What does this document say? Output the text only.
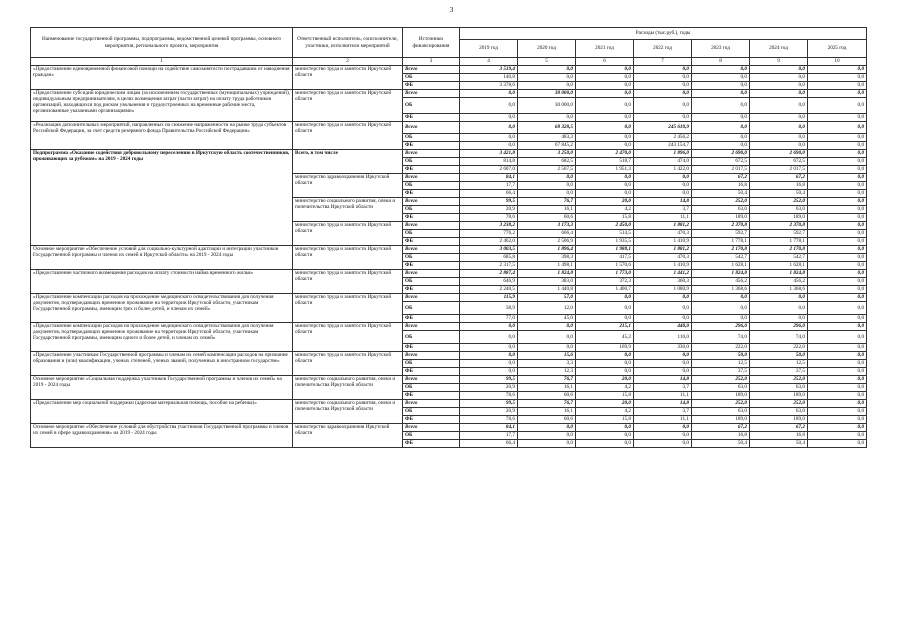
3
Наименование государственной программы, подпрограммы, ведомственной целевой программы, основного мероприятия, регионального проекта, мероприятия	Ответственный исполнитель, соисполнители, участники, исполнители мероприятий	Источники финансирования	Расходы (тыс.руб.), годы						
			2019 год	2020 год	2021 год	2022 год	2023 год	2024 год	2025 год
1	2	3	4	5	6	7	8	9	10
«Предоставление единовременной финансовой помощи на содействие самозанятости пострадавшим от наводнения граждан»	министерство труда и занятости Иркутской области	Всего	3 519,4	0,0	0,0	0,0	0,0	0,0	0,0
		ОБ	140,8	0,0	0,0	0,0	0,0	0,0	0,0
		ФБ	3 378,6	0,0	0,0	0,0	0,0	0,0	0,0
«Предоставление субсидий юридическим лицам (за исключением государственных (муниципальных) учреждений), индивидуальным предпринимателям, в целях возмещения затрат (части затрат) на оплату труда работников организаций, находящихся под риском увольнения и трудоустроенных на временные рабочие места, организованные указанными организациями»	министерство труда и занятости Иркутской области	Всего	0,0	30 000,0	0,0	0,0	0,0	0,0	0,0
		ОБ	0,0	30 000,0	0,0	0,0	0,0	0,0	0,0
		ФБ	0,0	0,0	0,0	0,0	0,0	0,0	0,0
«Реализация дополнительных мероприятий, направленных на снижение напряженности на рынке труда субъектов Российской Федерации, за счет средств резервного фонда Правительства Российской Федерации»	министерство труда и занятости Иркутской области	Всего	0,0	68 328,5	0,0	245 610,9	0,0	0,0	0,0
		ОБ	0,0	483,3	0,0	2 456,2	0,0	0,0	0,0
		ФБ	0,0	67 845,2	0,0	243 154,7	0,0	0,0	0,0
Подпрограмма «Оказание содействия добровольному переселению в Иркутскую область соотечественников, проживающих за рубежом» на 2019 - 2024 годы	Всего, в том числе	Всего	3 421,8	3 250,0	2 470,0	1 896,0	2 690,0	2 690,0	0,0
		ОБ	814,8	682,5	518,7	474,0	672,5	672,5	0,0
		ФБ	2 607,0	2 567,5	1 951,3	1 422,0	2 017,5	2 017,5	0,0
	министерство здравоохранения Иркутской области	Всего	84,1	0,0	0,0	0,0	67,2	67,2	0,0
		ОБ	17,7	0,0	0,0	0,0	16,8	16,8	0,0
		ФБ	66,4	0,0	0,0	0,0	50,4	50,4	0,0
	министерство социального развития, опеки и попечительства Иркутской области	Всего	99,5	76,7	20,0	14,8	252,0	252,0	0,0
		ОБ	20,9	16,1	4,2	3,7	63,0	63,0	0,0
		ФБ	78,6	60,6	15,8	11,1	189,0	189,0	0,0
	министерство труда и занятости Иркутской области	Всего	3 238,2	3 173,3	2 450,0	1 881,2	2 370,8	2 370,8	0,0
		ОБ	776,2	666,4	514,5	470,3	592,7	592,7	0,0
		ФБ	2 462,0	2 506,9	1 935,5	1 410,9	1 778,1	1 778,1	0,0
Основное мероприятие «Обеспечение условий для социально-культурной адаптации и интеграции участников Государственной программы и членов их семей в Иркутской области» на 2019 - 2024 годы	министерство труда и занятости Иркутской области	Всего	3 003,5	1 896,4	1 988,1	1 881,2	2 170,8	2 170,8	0,0
		ОБ	685,8	398,3	417,5	470,3	542,7	542,7	0,0
		ФБ	2 317,5	1 498,1	1 570,6	1 410,9	1 628,1	1 628,1	0,0
«Предоставление частичного возмещения расходов на оплату стоимости найма временного жилья»	министерство труда и занятости Иркутской области	Всего	2 887,4	1 824,8	1 773,0	1 441,2	1 824,8	1 824,8	0,0
		ОБ	646,9	383,0	372,3	360,3	456,2	456,2	0,0
		ФБ	2 240,5	1 440,8	1 400,7	1 080,9	1 368,6	1 368,6	0,0
«Предоставление компенсации расходов на прохождение медицинского освидетельствования для получения документов, подтверждающих временное проживание на территории Иркутской области, участникам Государственной программы, имеющим трех и более детей, и членам их семей»	министерство труда и занятости Иркутской области	Всего	115,9	57,0	0,0	0,0	0,0	0,0	0,0
		ОБ	38,9	12,0	0,0	0,0	0,0	0,0	0,0
		ФБ	77,0	45,0	0,0	0,0	0,0	0,0	0,0
«Предоставление компенсации расходов на прохождение медицинского освидетельствования для получения документов, подтверждающих временное проживание на территории Иркутской области, участникам Государственной программы, имеющим одного и более детей, и членам их семей»	министерство труда и занятости Иркутской области	Всего	0,0	0,0	215,1	440,0	296,0	296,0	0,0
		ОБ	0,0	0,0	45,2	110,0	74,0	74,0	0,0
		ФБ	0,0	0,0	169,9	330,0	222,0	222,0	0,0
«Предоставление участникам Государственной программы и членам их семей компенсации расходов на признание образования и (или) квалификации, ученых степеней, ученых званий, полученных в иностранном государстве»	министерство труда и занятости Иркутской области	Всего	0,0	15,6	0,0	0,0	50,0	50,0	0,0
		ОБ	0,0	3,3	0,0	0,0	12,5	12,5	0,0
		ФБ	0,0	12,3	0,0	0,0	37,5	37,5	0,0
Основное мероприятие «Социальная поддержка участников Государственной программы и членов их семей» на 2019 - 2024 годы	министерство социального развития, опеки и попечительства Иркутской области	Всего	99,5	76,7	20,0	14,8	252,0	252,0	0,0
		ОБ	20,9	16,1	4,2	3,7	63,0	63,0	0,0
		ФБ	78,6	60,6	15,8	11,1	189,0	189,0	0,0
«Предоставление мер социальной поддержки (адресная материальная помощь, пособие на ребенка)»	министерство социального развития, опеки и попечительства Иркутской области	Всего	99,5	76,7	20,0	14,8	252,0	252,0	0,0
		ОБ	20,9	16,1	4,2	3,7	63,0	63,0	0,0
		ФБ	78,6	60,6	15,8	11,1	189,0	189,0	0,0
Основное мероприятие «Обеспечение условий для обустройства участников Государственной программы и членов их семей в сфере здравоохранения» на 2019 - 2024 годы	министерство здравоохранения Иркутской области	Всего	84,1	0,0	0,0	0,0	67,2	67,2	0,0
		ОБ	17,7	0,0	0,0	0,0	16,8	16,8	0,0
		ФБ	66,4	0,0	0,0	0,0	50,4	50,4	0,0
